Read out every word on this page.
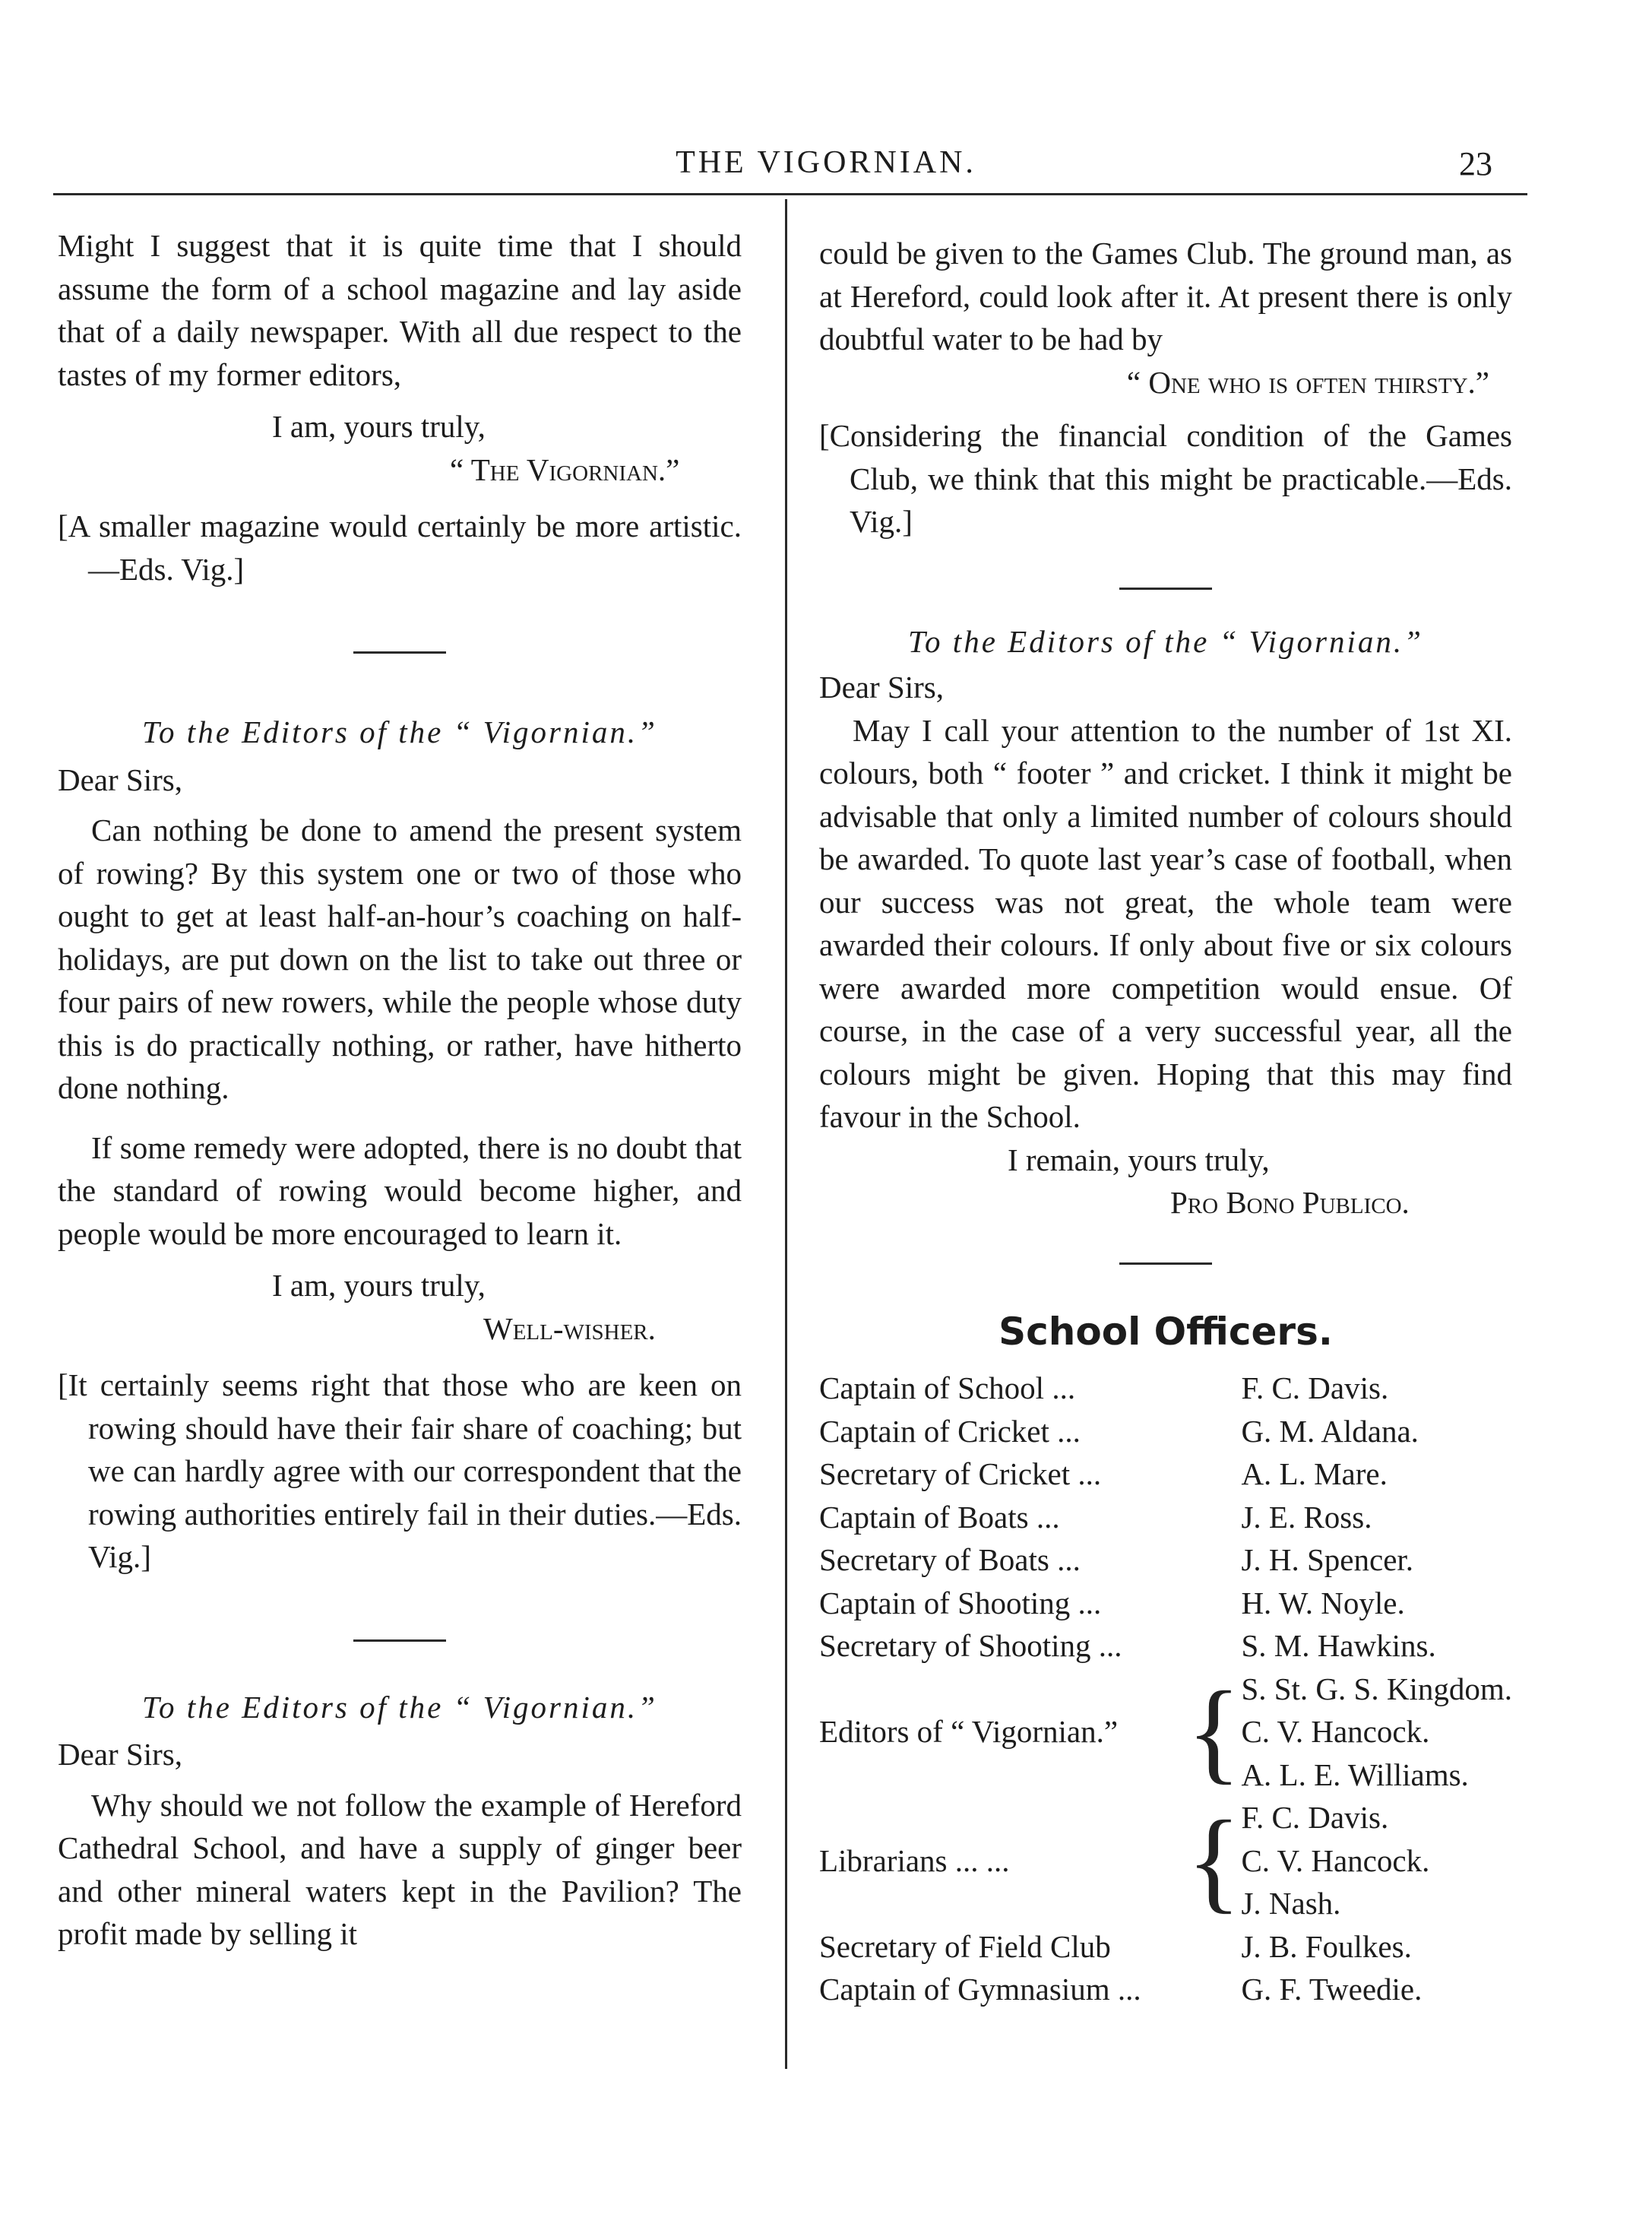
THE VIGORNIAN.	23

Might I suggest that it is quite time that I should assume the form of a school magazine and lay aside that of a daily newspaper. With all due respect to the tastes of my former editors,

I am, yours truly,

“ The Vigornian.”

[A smaller magazine would certainly be more artistic.—Eds. Vig.]

To the Editors of the “ Vigornian.”

Dear Sirs,

Can nothing be done to amend the present system of rowing? By this system one or two of those who ought to get at least half-an-hour’s coaching on half-holidays, are put down on the list to take out three or four pairs of new rowers, while the people whose duty this is do practically nothing, or rather, have hitherto done nothing.

If some remedy were adopted, there is no doubt that the standard of rowing would become higher, and people would be more encouraged to learn it.

I am, yours truly,

Well-wisher.

[It certainly seems right that those who are keen on rowing should have their fair share of coaching; but we can hardly agree with our correspondent that the rowing authorities entirely fail in their duties.—Eds. Vig.]

To the Editors of the “ Vigornian.”

Dear Sirs,

Why should we not follow the example of Hereford Cathedral School, and have a supply of ginger beer and other mineral waters kept in the Pavilion? The profit made by selling it

could be given to the Games Club. The ground man, as at Hereford, could look after it. At present there is only doubtful water to be had by

“ One who is often thirsty.”

[Considering the financial condition of the Games Club, we think that this might be practicable.—Eds. Vig.]

To the Editors of the “ Vigornian.”

Dear Sirs,

May I call your attention to the number of 1st XI. colours, both “ footer ” and cricket. I think it might be advisable that only a limited number of colours should be awarded. To quote last year’s case of football, when our success was not great, the whole team were awarded their colours. If only about five or six colours were awarded more competition would ensue. Of course, in the case of a very successful year, all the colours might be given. Hoping that this may find favour in the School.

I remain, yours truly,

Pro Bono Publico.

School Officers.
Captain of School ...		F. C. Davis.
Captain of Cricket ...		G. M. Aldana.
Secretary of Cricket ...		A. L. Mare.
Captain of Boats ...		J. E. Ross.
Secretary of Boats ...		J. H. Spencer.
Captain of Shooting ...		H. W. Noyle.
Secretary of Shooting ...		S. M. Hawkins.
Editors of “ Vigornian.”	{	S. St. G. S. Kingdom.
		C. V. Hancock.
		A. L. E. Williams.
Librarians ... ...	{	F. C. Davis.
		C. V. Hancock.
		J. Nash.
Secretary of Field Club		J. B. Foulkes.
Captain of Gymnasium ...		G. F. Tweedie.
